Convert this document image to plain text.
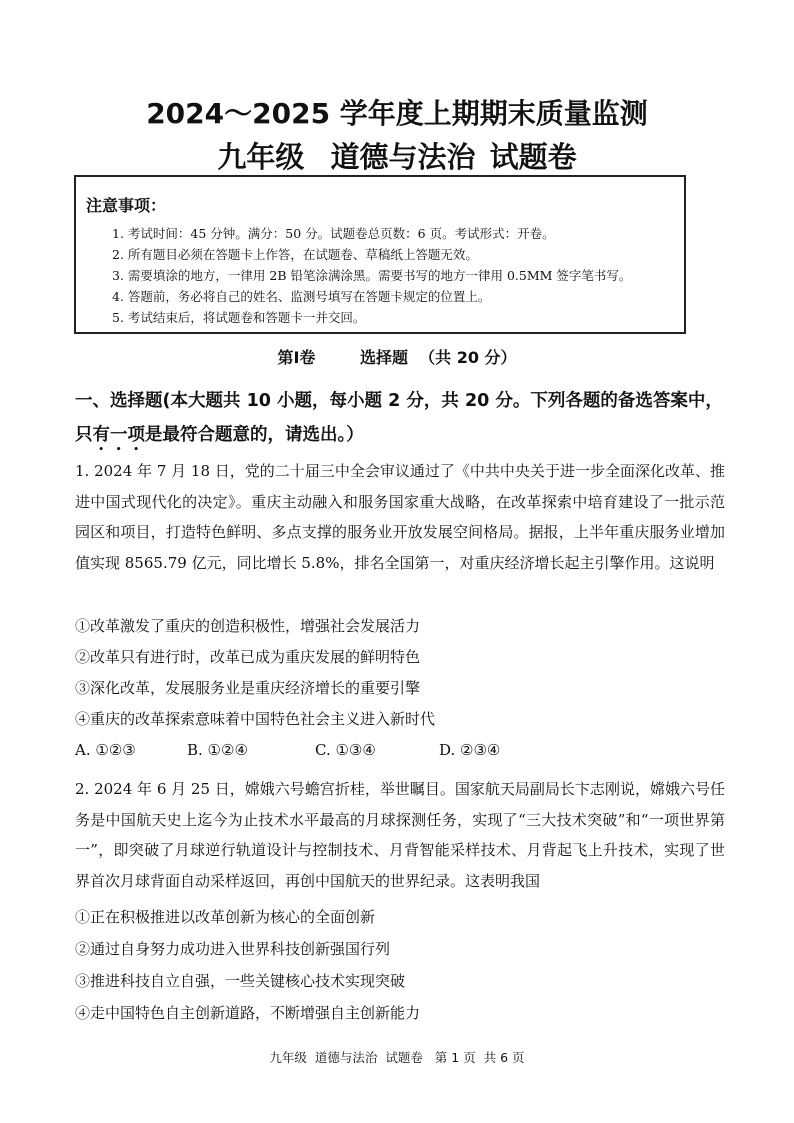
2024～2025 学年度上期期末质量监测
九年级 道德与法治 试题卷
注意事项：
1. 考试时间：45 分钟。满分：50 分。试题卷总页数：6 页。考试形式：开卷。
2. 所有题目必须在答题卡上作答，在试题卷、草稿纸上答题无效。
3. 需要填涂的地方，一律用 2B 铅笔涂满涂黑。需要书写的地方一律用 0.5MM 签字笔书写。
4. 答题前，务必将自己的姓名、监测号填写在答题卡规定的位置上。
5. 考试结束后，将试题卷和答题卡一并交回。
第Ⅰ卷	选择题 （共 20 分）
一、选择题(本大题共 10 小题，每小题 2 分，共 20 分。下列各题的备选答案中，
只有一项是最符合题意的，请选出。）
1. 2024 年 7 月 18 日，党的二十届三中全会审议通过了《中共中央关于进一步全面深化改革、推进中国式现代化的决定》。重庆主动融入和服务国家重大战略，在改革探索中培育建设了一批示范园区和项目，打造特色鲜明、多点支撑的服务业开放发展空间格局。据报，上半年重庆服务业增加值实现 8565.79 亿元，同比增长 5.8%，排名全国第一，对重庆经济增长起主引擎作用。这说明
①改革激发了重庆的创造积极性，增强社会发展活力
②改革只有进行时，改革已成为重庆发展的鲜明特色
③深化改革，发展服务业是重庆经济增长的重要引擎
④重庆的改革探索意味着中国特色社会主义进入新时代
A. ①②③	B. ①②④	C. ①③④	D. ②③④
2. 2024 年 6 月 25 日，嫦娥六号蟾宫折桂，举世瞩目。国家航天局副局长卞志刚说，嫦娥六号任务是中国航天史上迄今为止技术水平最高的月球探测任务，实现了“三大技术突破”和“一项世界第一”，即突破了月球逆行轨道设计与控制技术、月背智能采样技术、月背起飞上升技术，实现了世界首次月球背面自动采样返回，再创中国航天的世界纪录。这表明我国
①正在积极推进以改革创新为核心的全面创新
②通过自身努力成功进入世界科技创新强国行列
③推进科技自立自强，一些关键核心技术实现突破
④走中国特色自主创新道路，不断增强自主创新能力
九年级 道德与法治 试题卷 第 1 页 共 6 页
